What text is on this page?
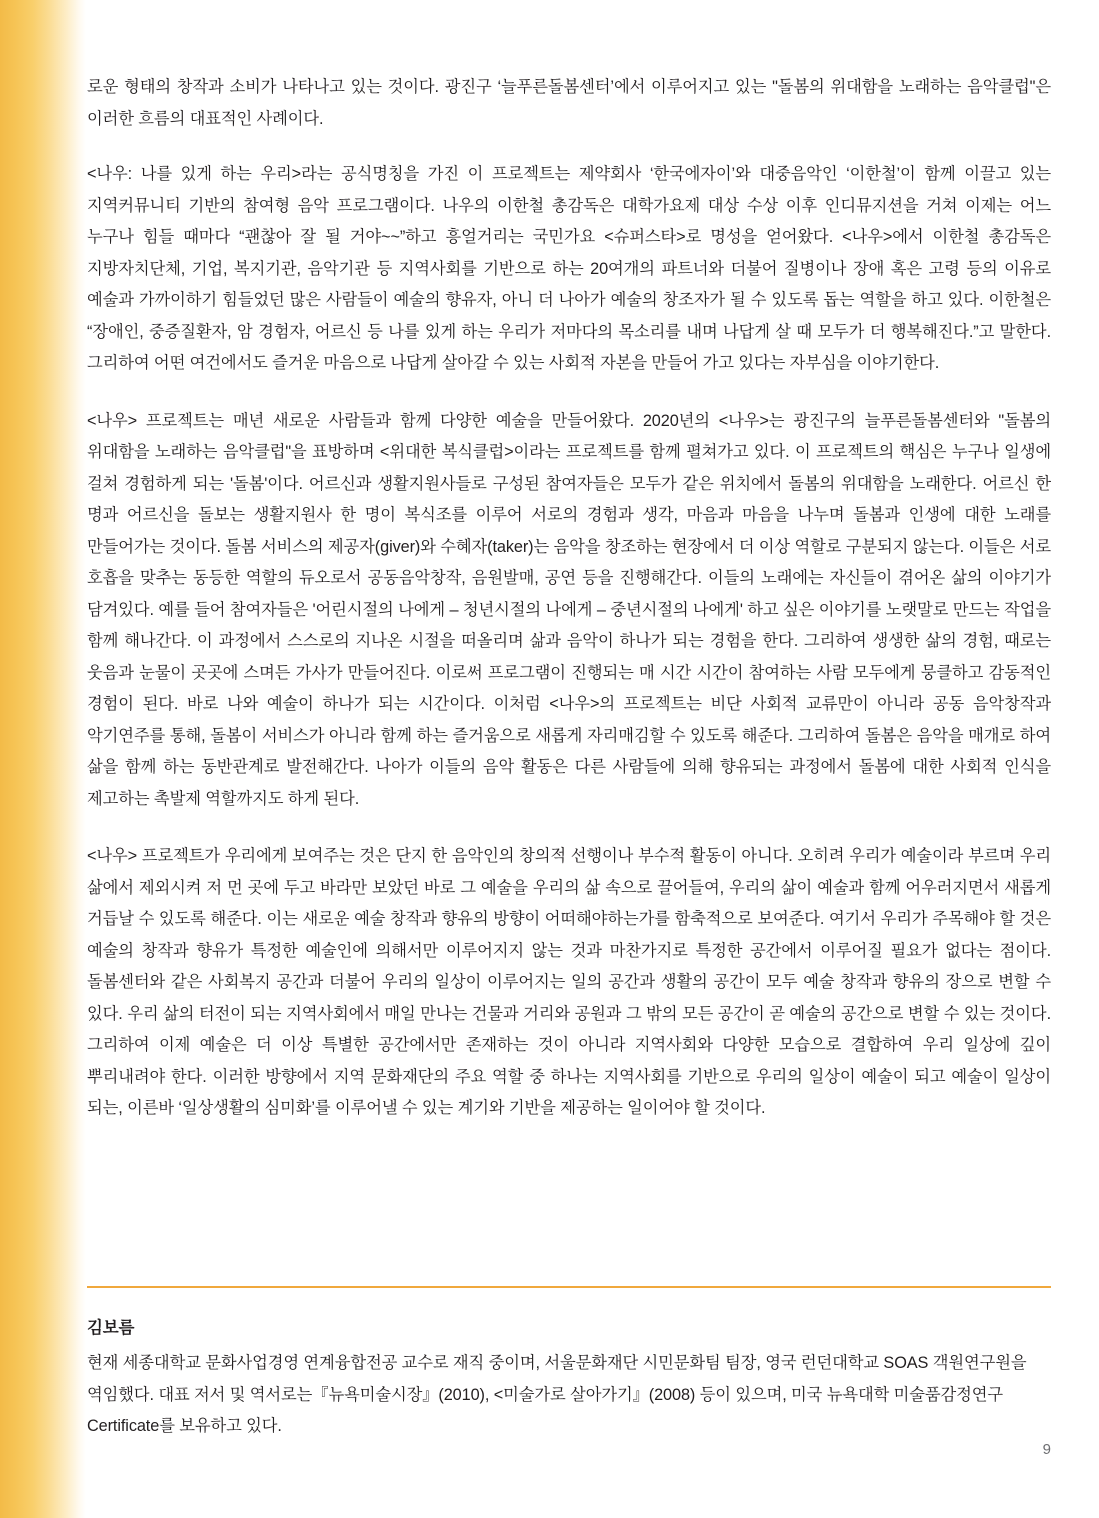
로운 형태의 창작과 소비가 나타나고 있는 것이다. 광진구 ‘늘푸른돌봄센터’에서 이루어지고 있는 "돌봄의 위대함을 노래하는 음악클럽"은 이러한 흐름의 대표적인 사례이다.

<나우: 나를 있게 하는 우리>라는 공식명칭을 가진 이 프로젝트는 제약회사 ‘한국에자이’와 대중음악인 ‘이한철’이 함께 이끌고 있는 지역커뮤니티 기반의 참여형 음악 프로그램이다. 나우의 이한철 총감독은 대학가요제 대상 수상 이후 인디뮤지션을 거쳐 이제는 어느 누구나 힘들 때마다 “괜찮아 잘 될 거야~~”하고 흥얼거리는 국민가요 <슈퍼스타>로 명성을 얻어왔다. <나우>에서 이한철 총감독은 지방자치단체, 기업, 복지기관, 음악기관 등 지역사회를 기반으로 하는 20여개의 파트너와 더불어 질병이나 장애 혹은 고령 등의 이유로 예술과 가까이하기 힘들었던 많은 사람들이 예술의 향유자, 아니 더 나아가 예술의 창조자가 될 수 있도록 돕는 역할을 하고 있다. 이한철은 “장애인, 중증질환자, 암 경험자, 어르신 등 나를 있게 하는 우리가 저마다의 목소리를 내며 나답게 살 때 모두가 더 행복해진다.”고 말한다. 그리하여 어떤 여건에서도 즐거운 마음으로 나답게 살아갈 수 있는 사회적 자본을 만들어 가고 있다는 자부심을 이야기한다.

<나우> 프로젝트는 매년 새로운 사람들과 함께 다양한 예술을 만들어왔다. 2020년의 <나우>는 광진구의 늘푸른돌봄센터와 "돌봄의 위대함을 노래하는 음악클럽"을 표방하며 <위대한 복식클럽>이라는 프로젝트를 함께 펼쳐가고 있다. 이 프로젝트의 핵심은 누구나 일생에 걸쳐 경험하게 되는 '돌봄'이다. 어르신과 생활지원사들로 구성된 참여자들은 모두가 같은 위치에서 돌봄의 위대함을 노래한다. 어르신 한 명과 어르신을 돌보는 생활지원사 한 명이 복식조를 이루어 서로의 경험과 생각, 마음과 마음을 나누며 돌봄과 인생에 대한 노래를 만들어가는 것이다. 돌봄 서비스의 제공자(giver)와 수혜자(taker)는 음악을 창조하는 현장에서 더 이상 역할로 구분되지 않는다. 이들은 서로 호흡을 맞추는 동등한 역할의 듀오로서 공동음악창작, 음원발매, 공연 등을 진행해간다. 이들의 노래에는 자신들이 겪어온 삶의 이야기가 담겨있다. 예를 들어 참여자들은 '어린시절의 나에게 – 청년시절의 나에게 – 중년시절의 나에게' 하고 싶은 이야기를 노랫말로 만드는 작업을 함께 해나간다. 이 과정에서 스스로의 지나온 시절을 떠올리며 삶과 음악이 하나가 되는 경험을 한다. 그리하여 생생한 삶의 경험, 때로는 웃음과 눈물이 곳곳에 스며든 가사가 만들어진다. 이로써 프로그램이 진행되는 매 시간 시간이 참여하는 사람 모두에게 뭉클하고 감동적인 경험이 된다. 바로 나와 예술이 하나가 되는 시간이다. 이처럼 <나우>의 프로젝트는 비단 사회적 교류만이 아니라 공동 음악창작과 악기연주를 통해, 돌봄이 서비스가 아니라 함께 하는 즐거움으로 새롭게 자리매김할 수 있도록 해준다. 그리하여 돌봄은 음악을 매개로 하여 삶을 함께 하는 동반관계로 발전해간다. 나아가 이들의 음악 활동은 다른 사람들에 의해 향유되는 과정에서 돌봄에 대한 사회적 인식을 제고하는 촉발제 역할까지도 하게 된다.

<나우> 프로젝트가 우리에게 보여주는 것은 단지 한 음악인의 창의적 선행이나 부수적 활동이 아니다. 오히려 우리가 예술이라 부르며 우리 삶에서 제외시켜 저 먼 곳에 두고 바라만 보았던 바로 그 예술을 우리의 삶 속으로 끌어들여, 우리의 삶이 예술과 함께 어우러지면서 새롭게 거듭날 수 있도록 해준다. 이는 새로운 예술 창작과 향유의 방향이 어떠해야하는가를 함축적으로 보여준다. 여기서 우리가 주목해야 할 것은 예술의 창작과 향유가 특정한 예술인에 의해서만 이루어지지 않는 것과 마찬가지로 특정한 공간에서 이루어질 필요가 없다는 점이다. 돌봄센터와 같은 사회복지 공간과 더불어 우리의 일상이 이루어지는 일의 공간과 생활의 공간이 모두 예술 창작과 향유의 장으로 변할 수 있다. 우리 삶의 터전이 되는 지역사회에서 매일 만나는 건물과 거리와 공원과 그 밖의 모든 공간이 곧 예술의 공간으로 변할 수 있는 것이다. 그리하여 이제 예술은 더 이상 특별한 공간에서만 존재하는 것이 아니라 지역사회와 다양한 모습으로 결합하여 우리 일상에 깊이 뿌리내려야 한다. 이러한 방향에서 지역 문화재단의 주요 역할 중 하나는 지역사회를 기반으로 우리의 일상이 예술이 되고 예술이 일상이 되는, 이른바 ‘일상생활의 심미화’를 이루어낼 수 있는 계기와 기반을 제공하는 일이어야 할 것이다.

김보름
현재 세종대학교 문화사업경영 연계융합전공 교수로 재직 중이며, 서울문화재단 시민문화팀 팀장, 영국 런던대학교 SOAS 객원연구원을 역임했다. 대표 저서 및 역서로는『뉴욕미술시장』(2010), <미술가로 살아가기』(2008) 등이 있으며, 미국 뉴욕대학 미술품감정연구 Certificate를 보유하고 있다.
9
